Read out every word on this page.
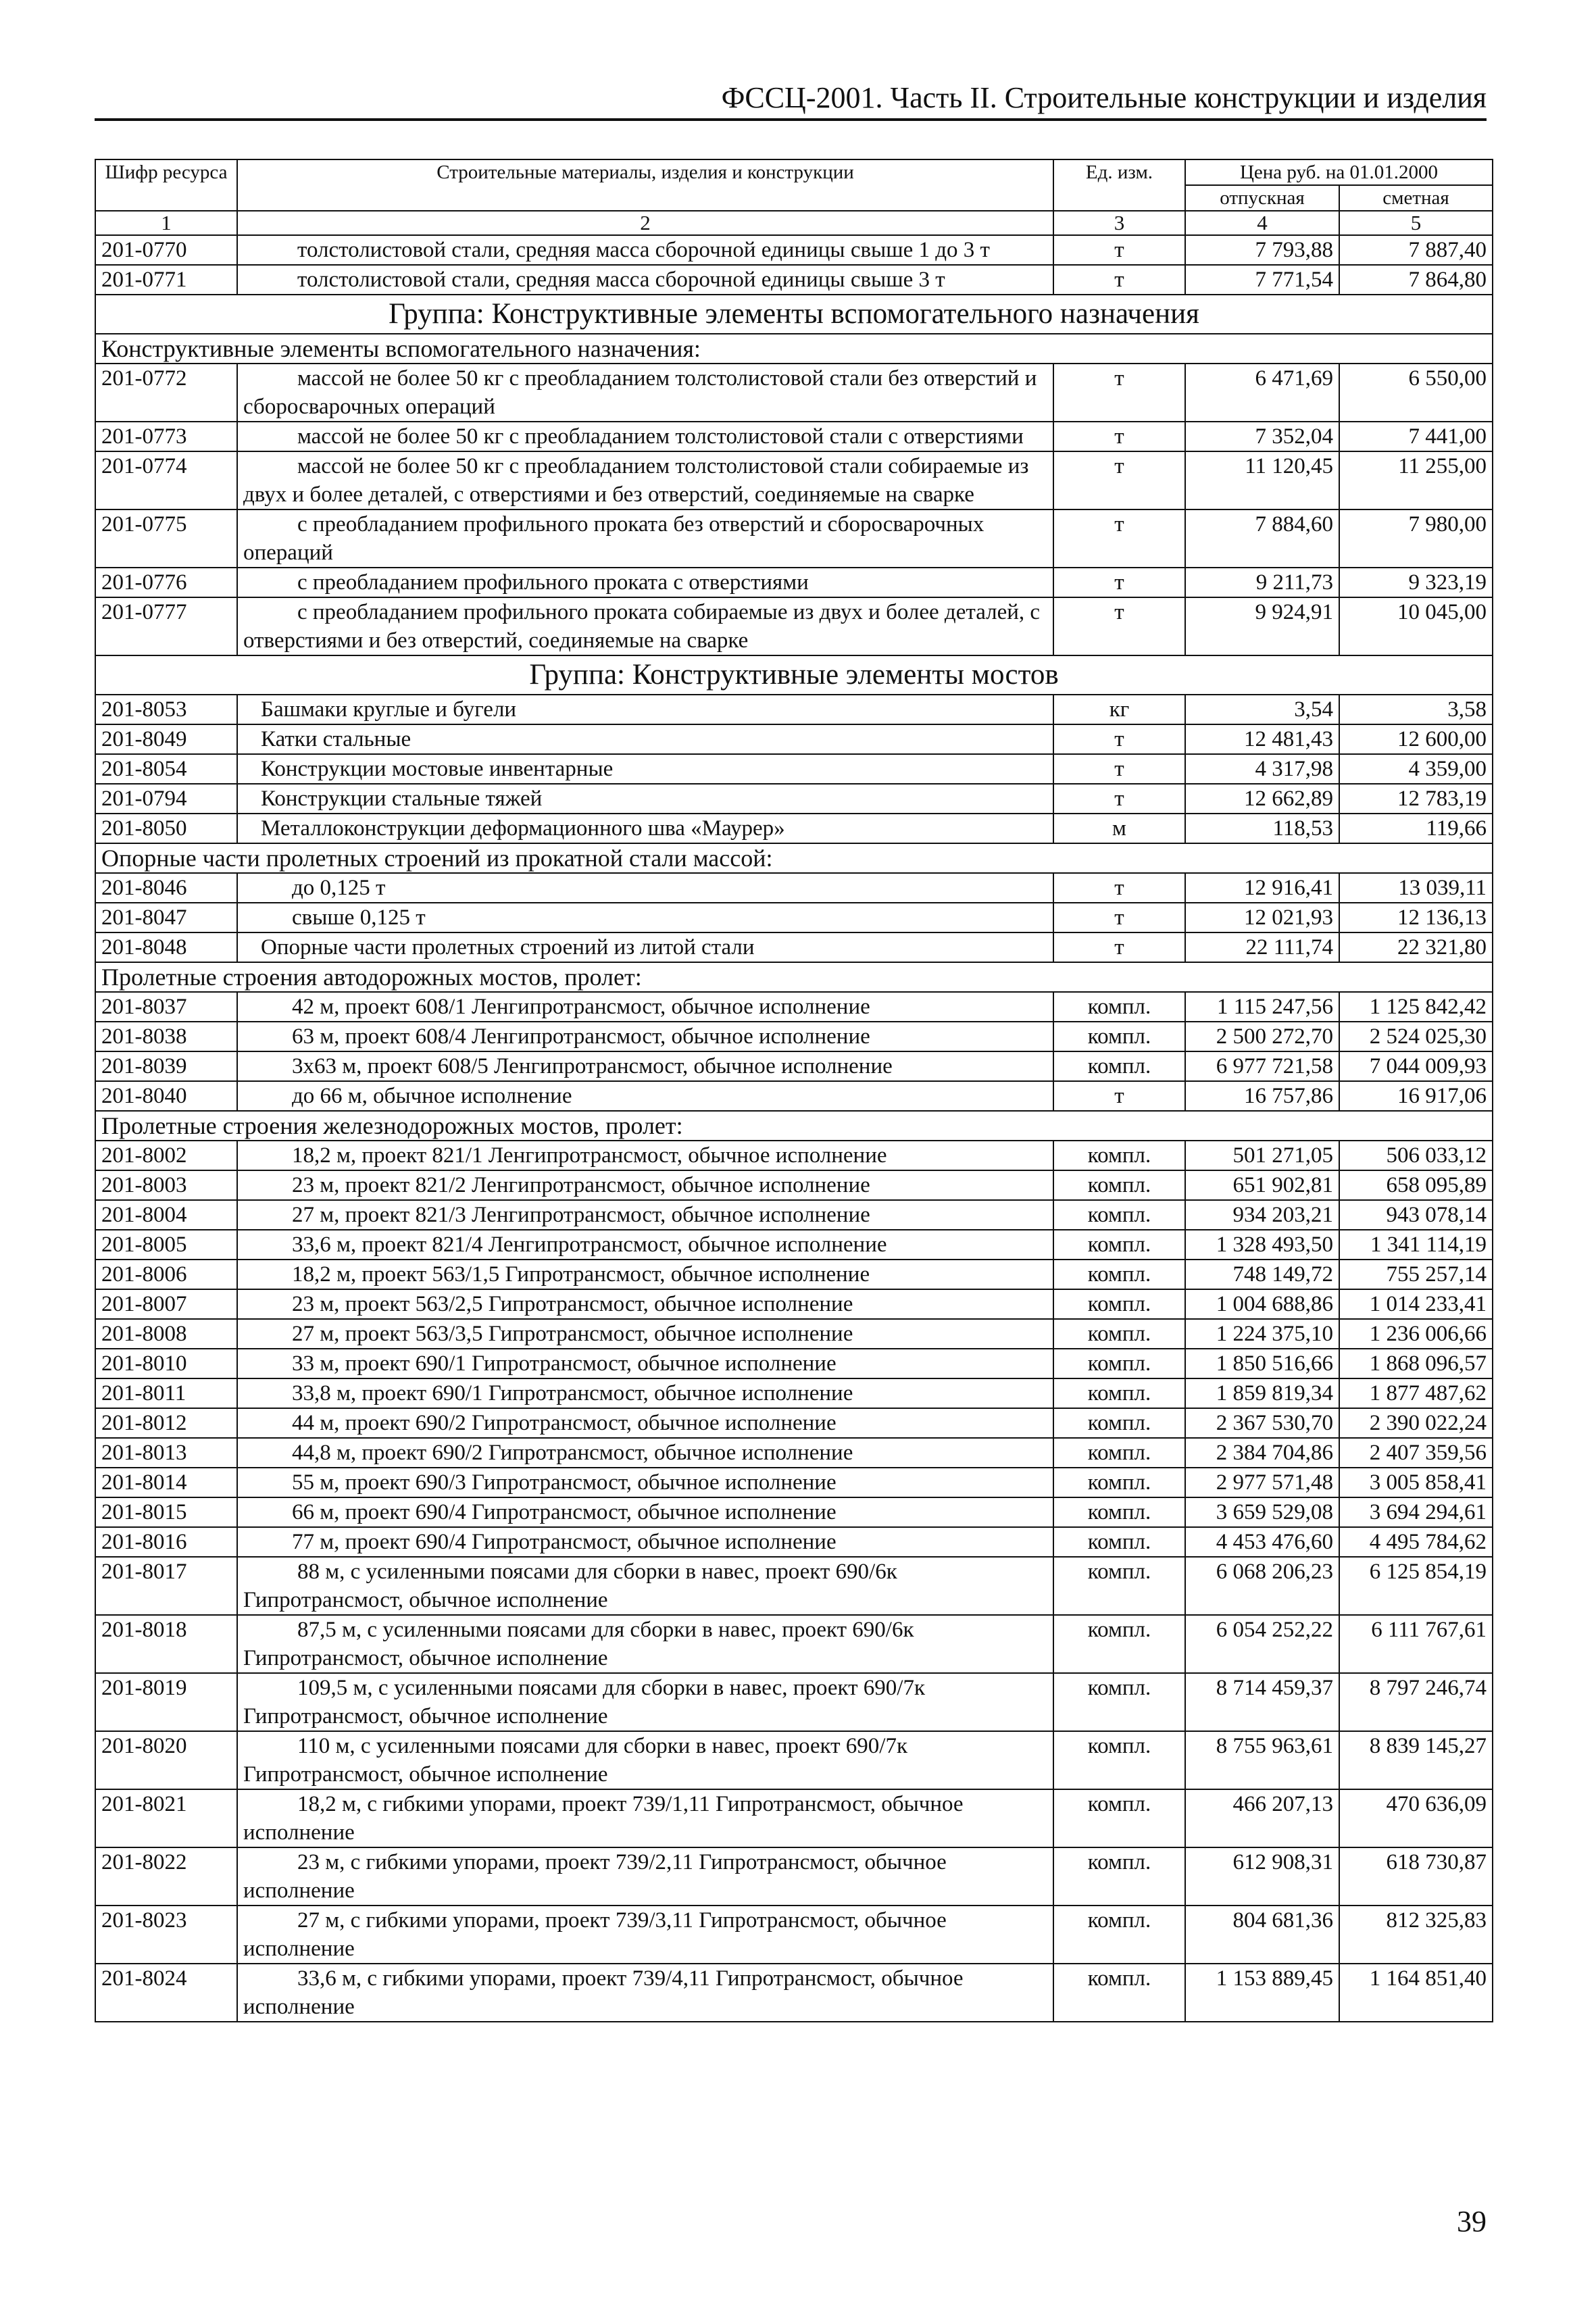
ФССЦ-2001. Часть II. Строительные конструкции и изделия
Шифр ресурса	Строительные материалы, изделия и конструкции	Ед. изм.	Цена руб. на 01.01.2000	
			отпускная	сметная
1	2	3	4	5
201-0770	толстолистовой стали, средняя масса сборочной единицы свыше 1 до 3 т	т	7 793,88	7 887,40
201-0771	толстолистовой стали, средняя масса сборочной единицы свыше 3 т	т	7 771,54	7 864,80
Группа: Конструктивные элементы вспомогательного назначения				
Конструктивные элементы вспомогательного назначения:				
201-0772	массой не более 50 кг с преобладанием толстолистовой стали без отверстий и сборосварочных операций	т	6 471,69	6 550,00
201-0773	массой не более 50 кг с преобладанием толстолистовой стали с отверстиями	т	7 352,04	7 441,00
201-0774	массой не более 50 кг с преобладанием толстолистовой стали собираемые из двух и более деталей, с отверстиями и без отверстий, соединяемые на сварке	т	11 120,45	11 255,00
201-0775	с преобладанием профильного проката без отверстий и сборосварочных операций	т	7 884,60	7 980,00
201-0776	с преобладанием профильного проката с отверстиями	т	9 211,73	9 323,19
201-0777	с преобладанием профильного проката собираемые из двух и более деталей, с отверстиями и без отверстий, соединяемые на сварке	т	9 924,91	10 045,00
Группа: Конструктивные элементы мостов				
201-8053	Башмаки круглые и бугели	кг	3,54	3,58
201-8049	Катки стальные	т	12 481,43	12 600,00
201-8054	Конструкции мостовые инвентарные	т	4 317,98	4 359,00
201-0794	Конструкции стальные тяжей	т	12 662,89	12 783,19
201-8050	Металлоконструкции деформационного шва «Маурер»	м	118,53	119,66
Опорные части пролетных строений из прокатной стали массой:				
201-8046	до 0,125 т	т	12 916,41	13 039,11
201-8047	свыше 0,125 т	т	12 021,93	12 136,13
201-8048	Опорные части пролетных строений из литой стали	т	22 111,74	22 321,80
Пролетные строения автодорожных мостов, пролет:				
201-8037	42 м, проект 608/1 Ленгипротрансмост, обычное исполнение	компл.	1 115 247,56	1 125 842,42
201-8038	63 м, проект 608/4 Ленгипротрансмост, обычное исполнение	компл.	2 500 272,70	2 524 025,30
201-8039	3х63 м, проект 608/5 Ленгипротрансмост, обычное исполнение	компл.	6 977 721,58	7 044 009,93
201-8040	до 66 м, обычное исполнение	т	16 757,86	16 917,06
Пролетные строения железнодорожных мостов, пролет:				
201-8002	18,2 м, проект 821/1 Ленгипротрансмост, обычное исполнение	компл.	501 271,05	506 033,12
201-8003	23 м, проект 821/2 Ленгипротрансмост, обычное исполнение	компл.	651 902,81	658 095,89
201-8004	27 м, проект 821/3 Ленгипротрансмост, обычное исполнение	компл.	934 203,21	943 078,14
201-8005	33,6 м, проект 821/4 Ленгипротрансмост, обычное исполнение	компл.	1 328 493,50	1 341 114,19
201-8006	18,2 м, проект 563/1,5 Гипротрансмост, обычное исполнение	компл.	748 149,72	755 257,14
201-8007	23 м, проект 563/2,5 Гипротрансмост, обычное исполнение	компл.	1 004 688,86	1 014 233,41
201-8008	27 м, проект 563/3,5 Гипротрансмост, обычное исполнение	компл.	1 224 375,10	1 236 006,66
201-8010	33 м, проект 690/1 Гипротрансмост, обычное исполнение	компл.	1 850 516,66	1 868 096,57
201-8011	33,8 м, проект 690/1 Гипротрансмост, обычное исполнение	компл.	1 859 819,34	1 877 487,62
201-8012	44 м, проект 690/2 Гипротрансмост, обычное исполнение	компл.	2 367 530,70	2 390 022,24
201-8013	44,8 м, проект 690/2 Гипротрансмост, обычное исполнение	компл.	2 384 704,86	2 407 359,56
201-8014	55 м, проект 690/3 Гипротрансмост, обычное исполнение	компл.	2 977 571,48	3 005 858,41
201-8015	66 м, проект 690/4 Гипротрансмост, обычное исполнение	компл.	3 659 529,08	3 694 294,61
201-8016	77 м, проект 690/4 Гипротрансмост, обычное исполнение	компл.	4 453 476,60	4 495 784,62
201-8017	88 м, с усиленными поясами для сборки в навес, проект 690/6к Гипротрансмост, обычное исполнение	компл.	6 068 206,23	6 125 854,19
201-8018	87,5 м, с усиленными поясами для сборки в навес, проект 690/6к Гипротрансмост, обычное исполнение	компл.	6 054 252,22	6 111 767,61
201-8019	109,5 м, с усиленными поясами для сборки в навес, проект 690/7к Гипротрансмост, обычное исполнение	компл.	8 714 459,37	8 797 246,74
201-8020	110 м, с усиленными поясами для сборки в навес, проект 690/7к Гипротрансмост, обычное исполнение	компл.	8 755 963,61	8 839 145,27
201-8021	18,2 м, с гибкими упорами, проект 739/1,11 Гипротрансмост, обычное исполнение	компл.	466 207,13	470 636,09
201-8022	23 м, с гибкими упорами, проект 739/2,11 Гипротрансмост, обычное исполнение	компл.	612 908,31	618 730,87
201-8023	27 м, с гибкими упорами, проект 739/3,11 Гипротрансмост, обычное исполнение	компл.	804 681,36	812 325,83
201-8024	33,6 м, с гибкими упорами, проект 739/4,11 Гипротрансмост, обычное исполнение	компл.	1 153 889,45	1 164 851,40
39
